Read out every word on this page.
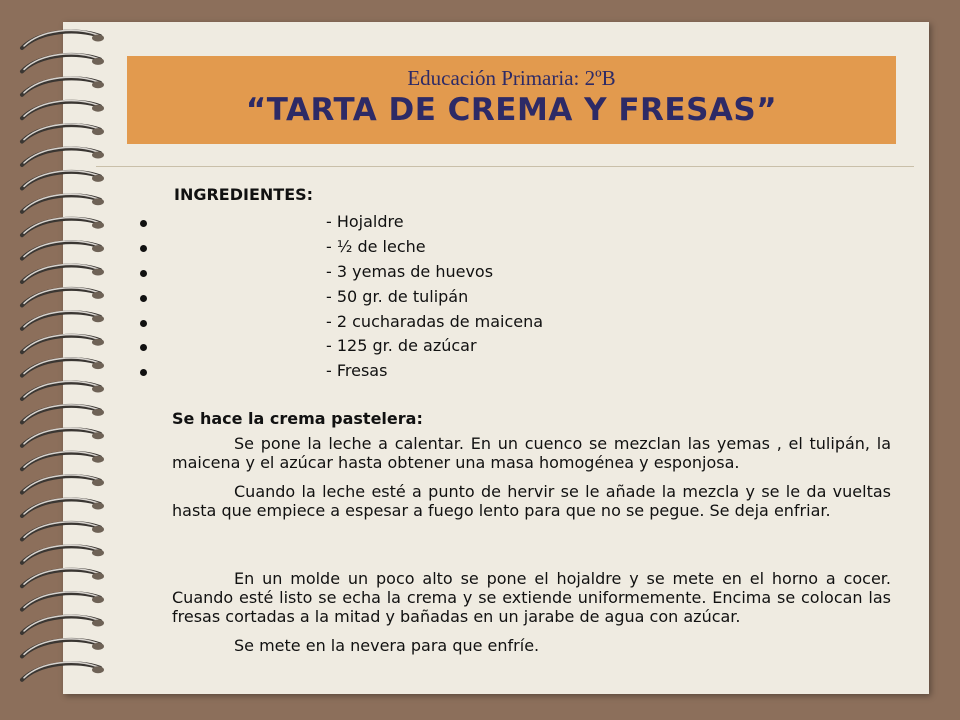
Educación Primaria: 2ºB
“TARTA DE CREMA Y FRESAS”
INGREDIENTES:
- Hojaldre
- ½ de leche
- 3 yemas de huevos
- 50 gr. de tulipán
- 2 cucharadas de maicena
- 125 gr. de azúcar
- Fresas
Se hace la crema pastelera:
Se pone la leche a calentar. En un cuenco se mezclan las yemas , el tulipán, la maicena y el azúcar hasta obtener una masa homogénea y esponjosa.
Cuando la leche esté a punto de hervir se le añade la mezcla y se le da vueltas hasta que empiece a espesar a fuego lento para que no se pegue. Se deja enfriar.
En un molde un poco alto se pone el hojaldre y se mete en el horno a cocer. Cuando esté listo se echa la crema y se extiende uniformemente. Encima se colocan las fresas cortadas a la mitad y bañadas en un jarabe de agua con azúcar.
Se mete en la nevera para que enfríe.
